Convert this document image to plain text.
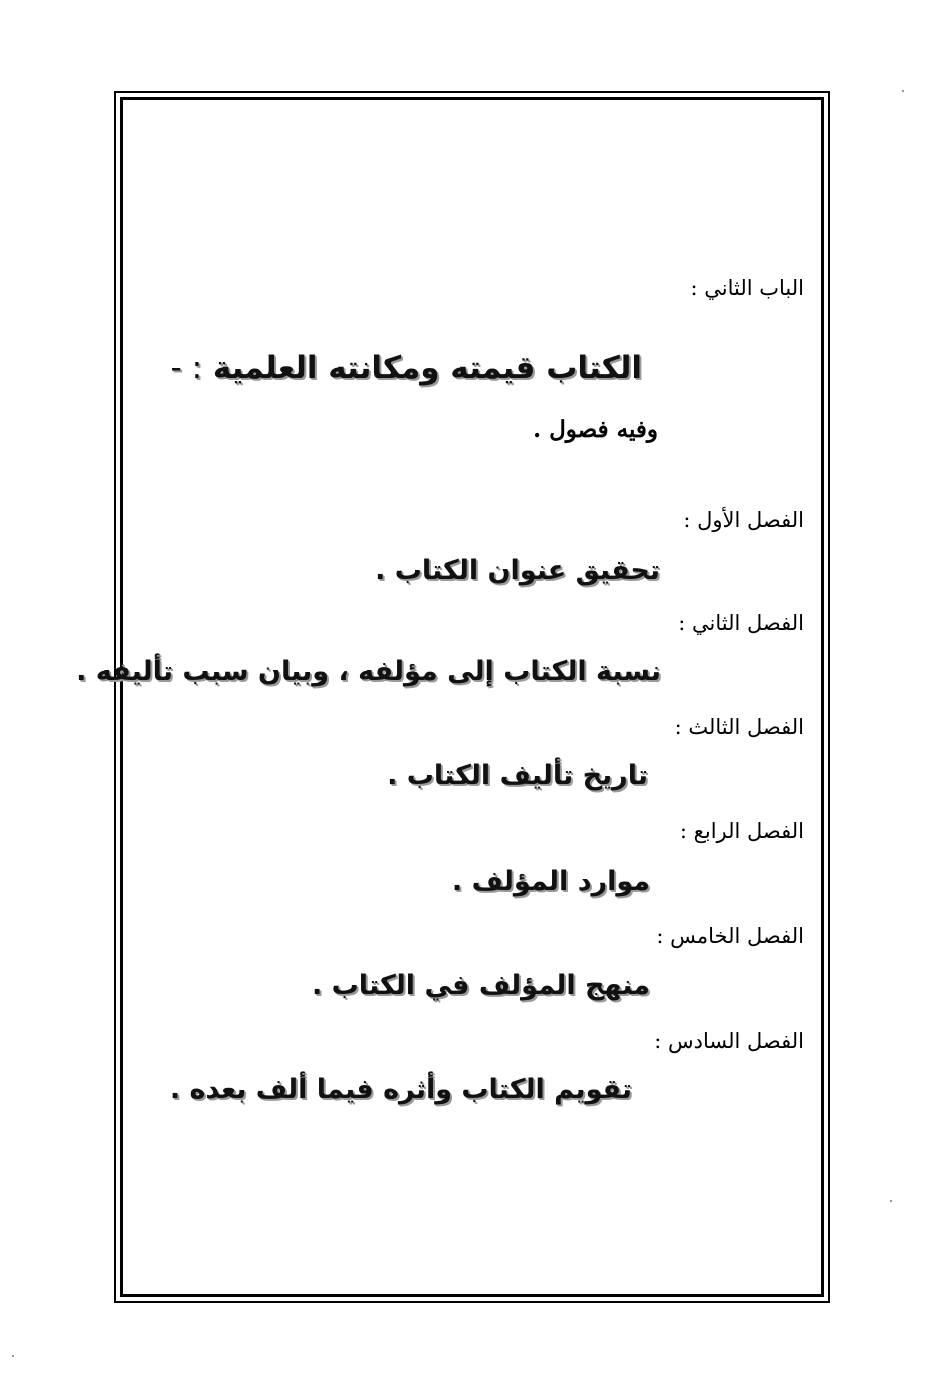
الباب الثاني :
الكتاب قيمته ومكانته العلمية : -
وفيه فصول .
الفصل الأول :
تحقيق عنوان الكتاب .
الفصل الثاني :
نسبة الكتاب إلى مؤلفه ، وبيان سبب تأليفه .
الفصل الثالث :
تاريخ تأليف الكتاب .
الفصل الرابع :
موارد المؤلف .
الفصل الخامس :
منهج المؤلف في الكتاب .
الفصل السادس :
تقويم الكتاب وأثره فيما ألف بعده .
